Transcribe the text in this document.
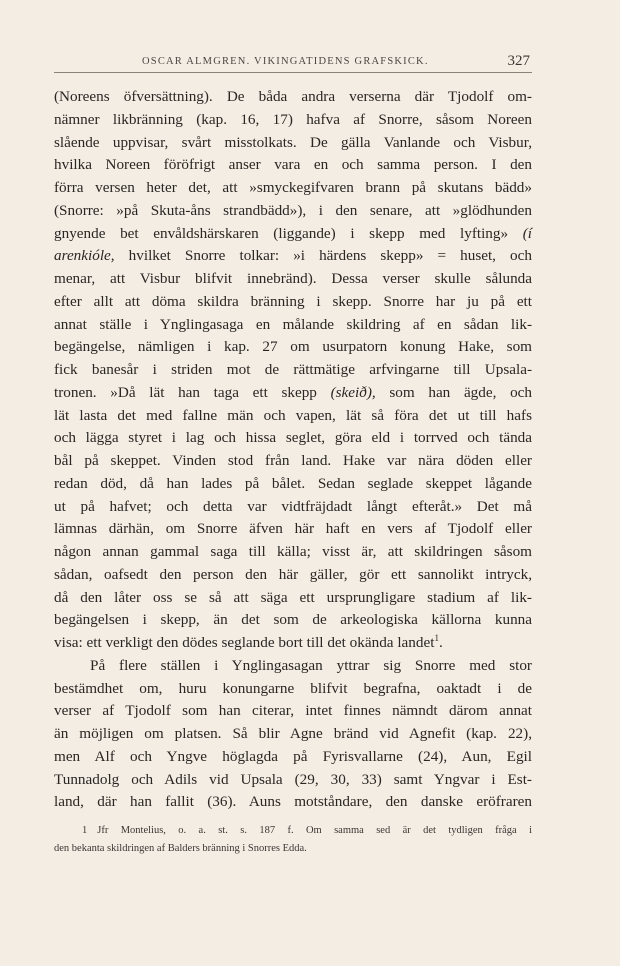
OSCAR ALMGREN. VIKINGATIDENS GRAFSKICK.	327
(Noreens öfversättning). De båda andra verserna där Tjodolf om-
nämner likbränning (kap. 16, 17) hafva af Snorre, såsom Noreen
slående uppvisar, svårt misstolkats. De gälla Vanlande och Visbur,
hvilka Noreen föröfrigt anser vara en och samma person. I den
förra versen heter det, att »smyckegifvaren brann på skutans bädd»
(Snorre: »på Skuta-åns strandbädd»), i den senare, att »glödhunden
gnyende bet envåldshärskaren (liggande) i skepp med lyfting» (í
arenkióle, hvilket Snorre tolkar: »i härdens skepp» = huset, och
menar, att Visbur blifvit innebränd). Dessa verser skulle sålunda
efter allt att döma skildra bränning i skepp. Snorre har ju på ett
annat ställe i Ynglingasaga en målande skildring af en sådan lik-
begängelse, nämligen i kap. 27 om usurpatorn konung Hake, som
fick banesår i striden mot de rättmätige arfvingarne till Upsala-
tronen. »Då lät han taga ett skepp (skeið), som han ägde, och
lät lasta det med fallne män och vapen, lät så föra det ut till hafs
och lägga styret i lag och hissa seglet, göra eld i torrved och tända
bål på skeppet. Vinden stod från land. Hake var nära döden eller
redan död, då han lades på bålet. Sedan seglade skeppet lågande
ut på hafvet; och detta var vidtfräjdadt långt efteråt.» Det må
lämnas därhän, om Snorre äfven här haft en vers af Tjodolf eller
någon annan gammal saga till källa; visst är, att skildringen såsom
sådan, oafsedt den person den här gäller, gör ett sannolikt intryck,
då den låter oss se så att säga ett ursprungligare stadium af lik-
begängelsen i skepp, än det som de arkeologiska källorna kunna
visa: ett verkligt den dödes seglande bort till det okända landet$^1$.
På flere ställen i Ynglingasagan yttrar sig Snorre med stor
bestämdhet om, huru konungarne blifvit begrafna, oaktadt i de
verser af Tjodolf som han citerar, intet finnes nämndt därom annat
än möjligen om platsen. Så blir Agne bränd vid Agnefit (kap. 22),
men Alf och Yngve höglagda på Fyrisvallarne (24), Aun, Egil
Tunnadolg och Adils vid Upsala (29, 30, 33) samt Yngvar i Est-
land, där han fallit (36). Auns motståndare, den danske eröfraren
1 Jfr Montelius, o. a. st. s. 187 f. Om samma sed är det tydligen fråga i
den bekanta skildringen af Balders bränning i Snorres Edda.
